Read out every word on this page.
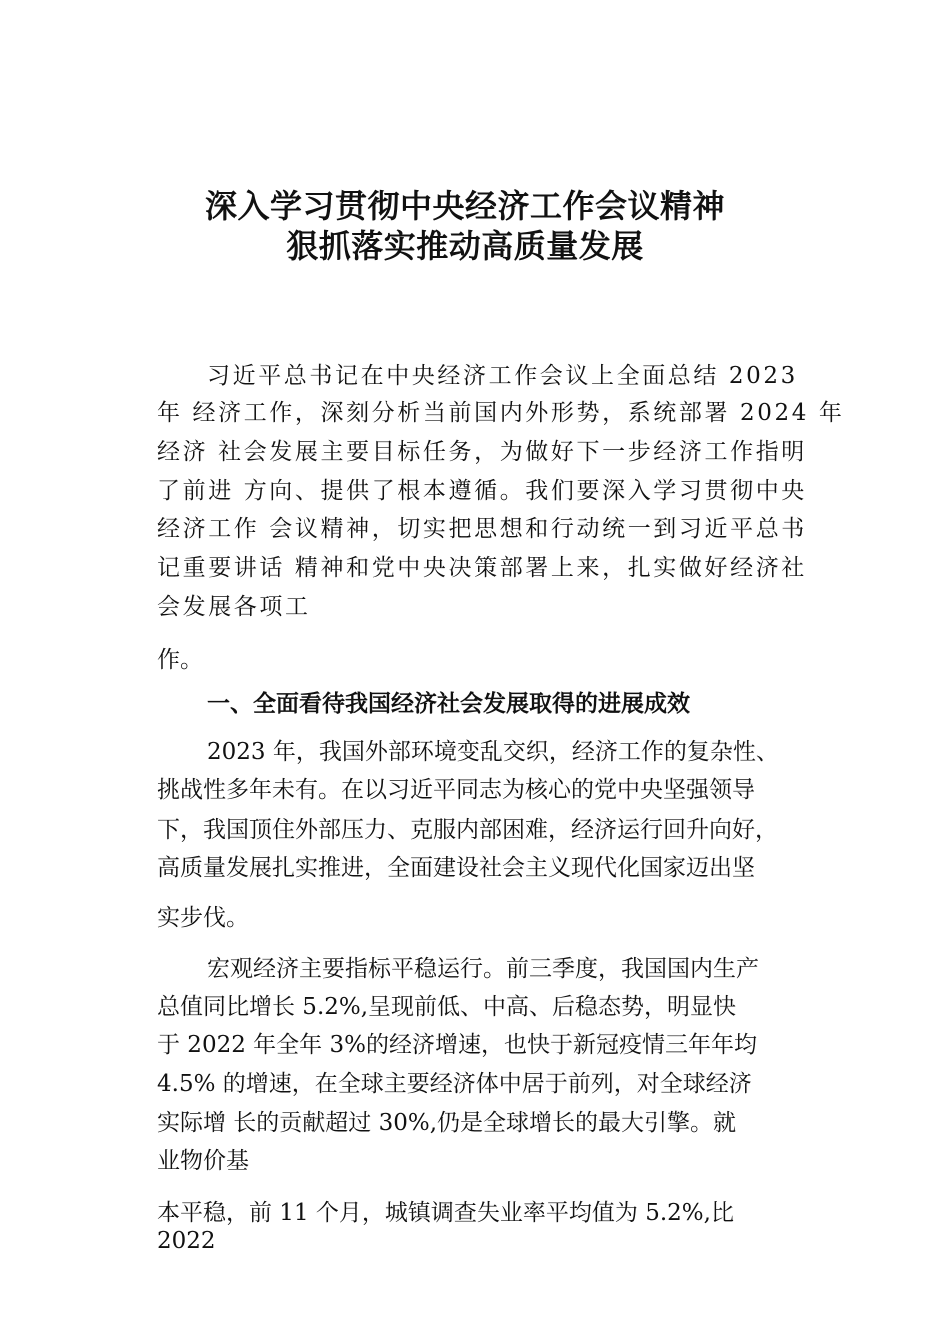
深入学习贯彻中央经济工作会议精神
狠抓落实推动高质量发展
习近平总书记在中央经济工作会议上全面总结 2023
年 经济工作，深刻分析当前国内外形势，系统部署 2024 年
经济 社会发展主要目标任务，为做好下一步经济工作指明
了前进 方向、提供了根本遵循。我们要深入学习贯彻中央
经济工作 会议精神，切实把思想和行动统一到习近平总书
记重要讲话 精神和党中央决策部署上来，扎实做好经济社
会发展各项工
作。
一、全面看待我国经济社会发展取得的进展成效
2023 年，我国外部环境变乱交织，经济工作的复杂性、
挑战性多年未有。在以习近平同志为核心的党中央坚强领导
下，我国顶住外部压力、克服内部困难，经济运行回升向好，
高质量发展扎实推进，全面建设社会主义现代化国家迈出坚
实步伐。
宏观经济主要指标平稳运行。前三季度，我国国内生产
总值同比增长 5.2%,呈现前低、中高、后稳态势，明显快
于 2022 年全年 3%的经济增速，也快于新冠疫情三年年均
4.5% 的增速，在全球主要经济体中居于前列，对全球经济
实际增 长的贡献超过 30%,仍是全球增长的最大引擎。就
业物价基
本平稳，前 11 个月，城镇调查失业率平均值为 5.2%,比
2022
